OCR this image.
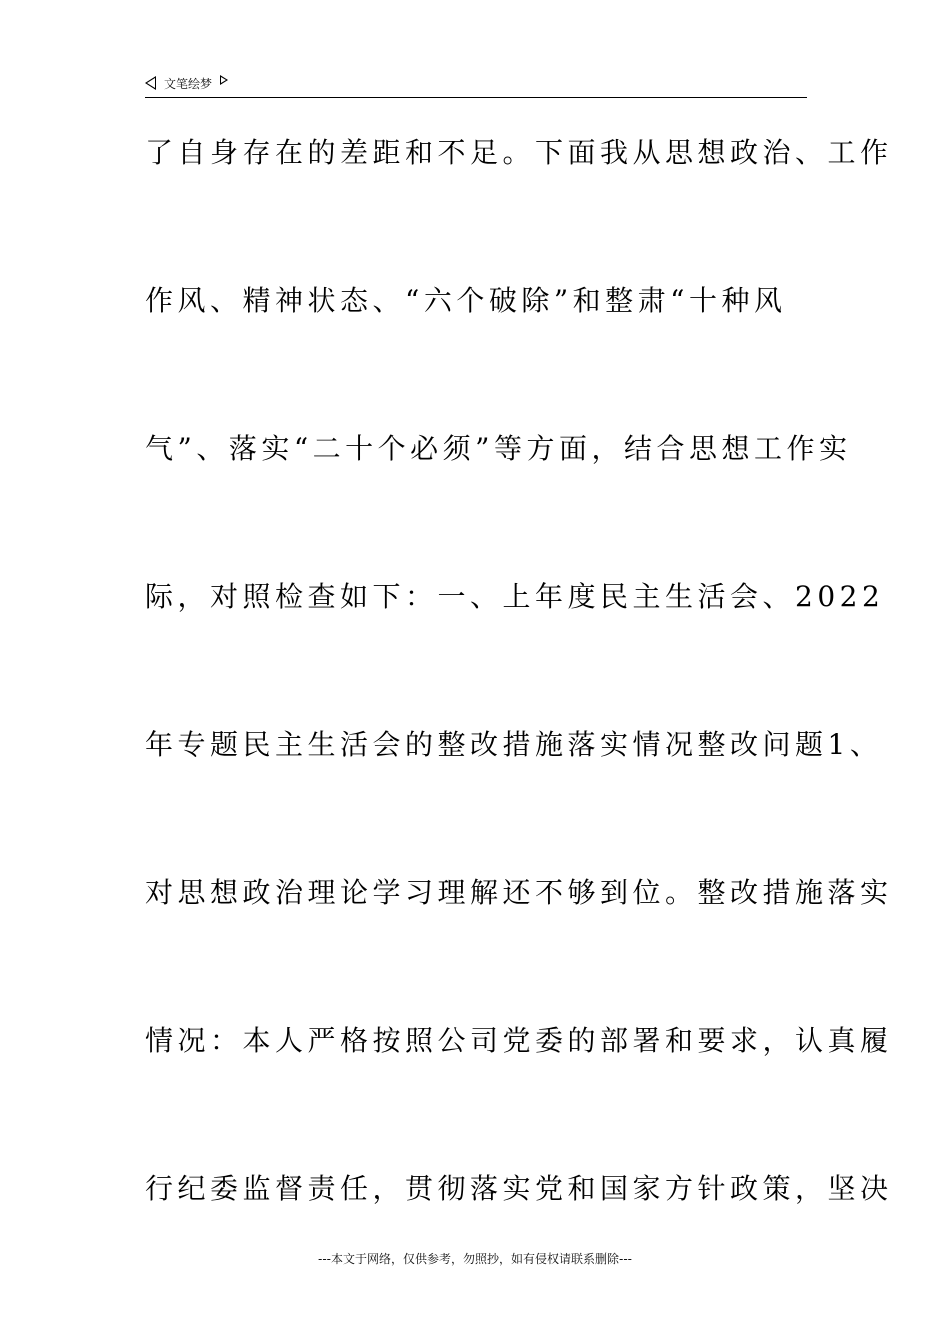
文笔绘梦
了自身存在的差距和不足。下面我从思想政治、工作
作风、精神状态、“六个破除”和整肃“十种风
气”、落实“二十个必须”等方面，结合思想工作实
际，对照检查如下：一、上年度民主生活会、2022
年专题民主生活会的整改措施落实情况整改问题1、
对思想政治理论学习理解还不够到位。整改措施落实
情况：本人严格按照公司党委的部署和要求，认真履
行纪委监督责任，贯彻落实党和国家方针政策，坚决
---本文于网络，仅供参考，勿照抄，如有侵权请联系删除---
